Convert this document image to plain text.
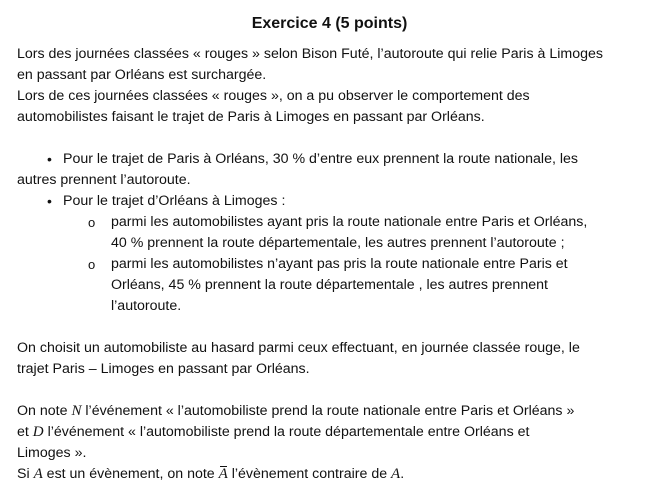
Exercice 4 (5 points)
Lors des journées classées « rouges » selon Bison Futé, l’autoroute qui relie Paris à Limoges
en passant par Orléans est surchargée.
Lors de ces journées classées « rouges », on a pu observer le comportement des
automobilistes faisant le trajet de Paris à Limoges en passant par Orléans.
• Pour le trajet de Paris à Orléans, 30 % d’entre eux prennent la route nationale, les
autres prennent l’autoroute.
• Pour le trajet d’Orléans à Limoges :
o parmi les automobilistes ayant pris la route nationale entre Paris et Orléans,
40 % prennent la route départementale, les autres prennent l’autoroute ;
o parmi les automobilistes n’ayant pas pris la route nationale entre Paris et
Orléans, 45 % prennent la route départementale , les autres prennent
l’autoroute.
On choisit un automobiliste au hasard parmi ceux effectuant, en journée classée rouge, le
trajet Paris – Limoges en passant par Orléans.
On note N l’événement « l’automobiliste prend la route nationale entre Paris et Orléans »
et D l’événement « l’automobiliste prend la route départementale entre Orléans et
Limoges ».
Si A est un évènement, on note A l’évènement contraire de A.
